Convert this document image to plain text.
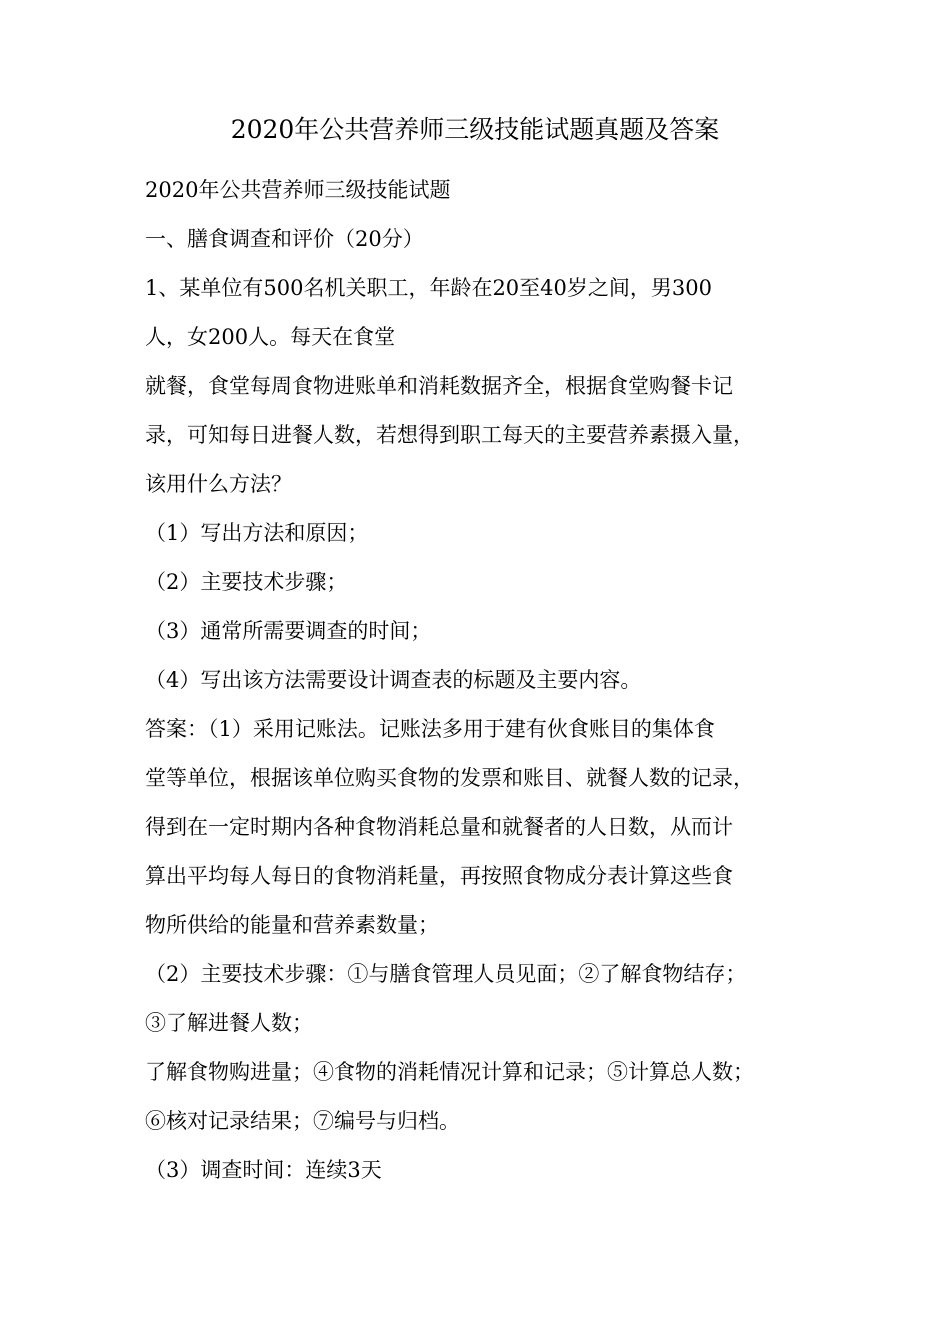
2020年公共营养师三级技能试题真题及答案
2020年公共营养师三级技能试题
一、膳食调查和评价（20分）
1、某单位有500名机关职工，年龄在20至40岁之间，男300
人，女200人。每天在食堂
就餐，食堂每周食物进账单和消耗数据齐全，根据食堂购餐卡记
录，可知每日进餐人数，若想得到职工每天的主要营养素摄入量，
该用什么方法？
（1）写出方法和原因；
（2）主要技术步骤；
（3）通常所需要调查的时间；
（4）写出该方法需要设计调查表的标题及主要内容。
答案：（1）采用记账法。记账法多用于建有伙食账目的集体食
堂等单位，根据该单位购买食物的发票和账目、就餐人数的记录，
得到在一定时期内各种食物消耗总量和就餐者的人日数，从而计
算出平均每人每日的食物消耗量，再按照食物成分表计算这些食
物所供给的能量和营养素数量；
（2）主要技术步骤：①与膳食管理人员见面；②了解食物结存；
③了解进餐人数；
了解食物购进量；④食物的消耗情况计算和记录；⑤计算总人数；
⑥核对记录结果；⑦编号与归档。
（3）调查时间：连续3天
